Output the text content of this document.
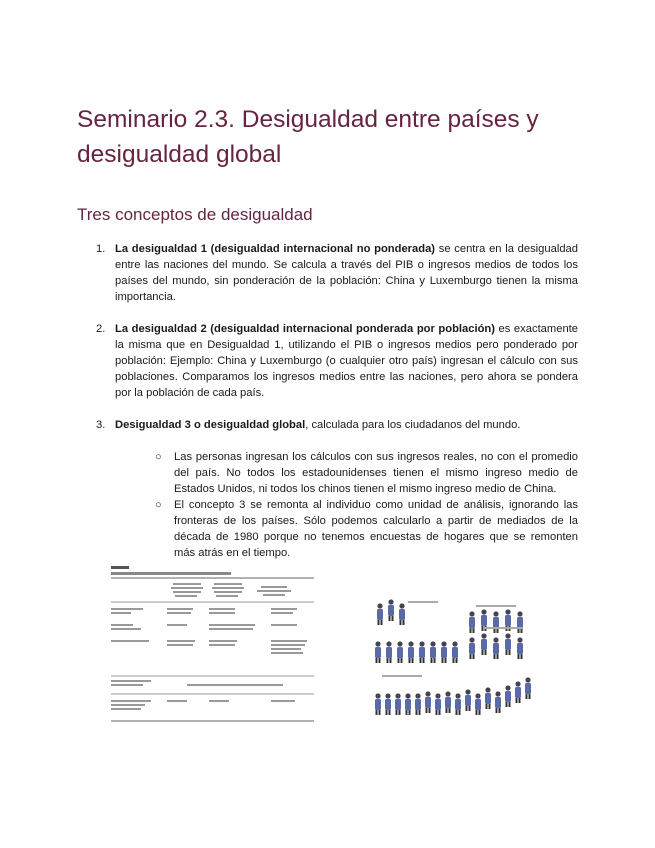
Seminario 2.3. Desigualdad entre países y desigualdad global
Tres conceptos de desigualdad
1. La desigualdad 1 (desigualdad internacional no ponderada) se centra en la desigualdad entre las naciones del mundo. Se calcula a través del PIB o ingresos medios de todos los países del mundo, sin ponderación de la población: China y Luxemburgo tienen la misma importancia.

2. La desigualdad 2 (desigualdad internacional ponderada por población) es exactamente la misma que en Desigualdad 1, utilizando el PIB o ingresos medios pero ponderado por población: Ejemplo: China y Luxemburgo (o cualquier otro país) ingresan el cálculo con sus poblaciones. Comparamos los ingresos medios entre las naciones, pero ahora se pondera por la población de cada país.

3. Desigualdad 3 o desigualdad global, calculada para los ciudadanos del mundo.

○ Las personas ingresan los cálculos con sus ingresos reales, no con el promedio del país. No todos los estadounidenses tienen el mismo ingreso medio de Estados Unidos, ni todos los chinos tienen el mismo ingreso medio de China.

○ El concepto 3 se remonta al individuo como unidad de análisis, ignorando las fronteras de los países. Sólo podemos calcularlo a partir de mediados de la década de 1980 porque no tenemos encuestas de hogares que se remonten más atrás en el tiempo.
